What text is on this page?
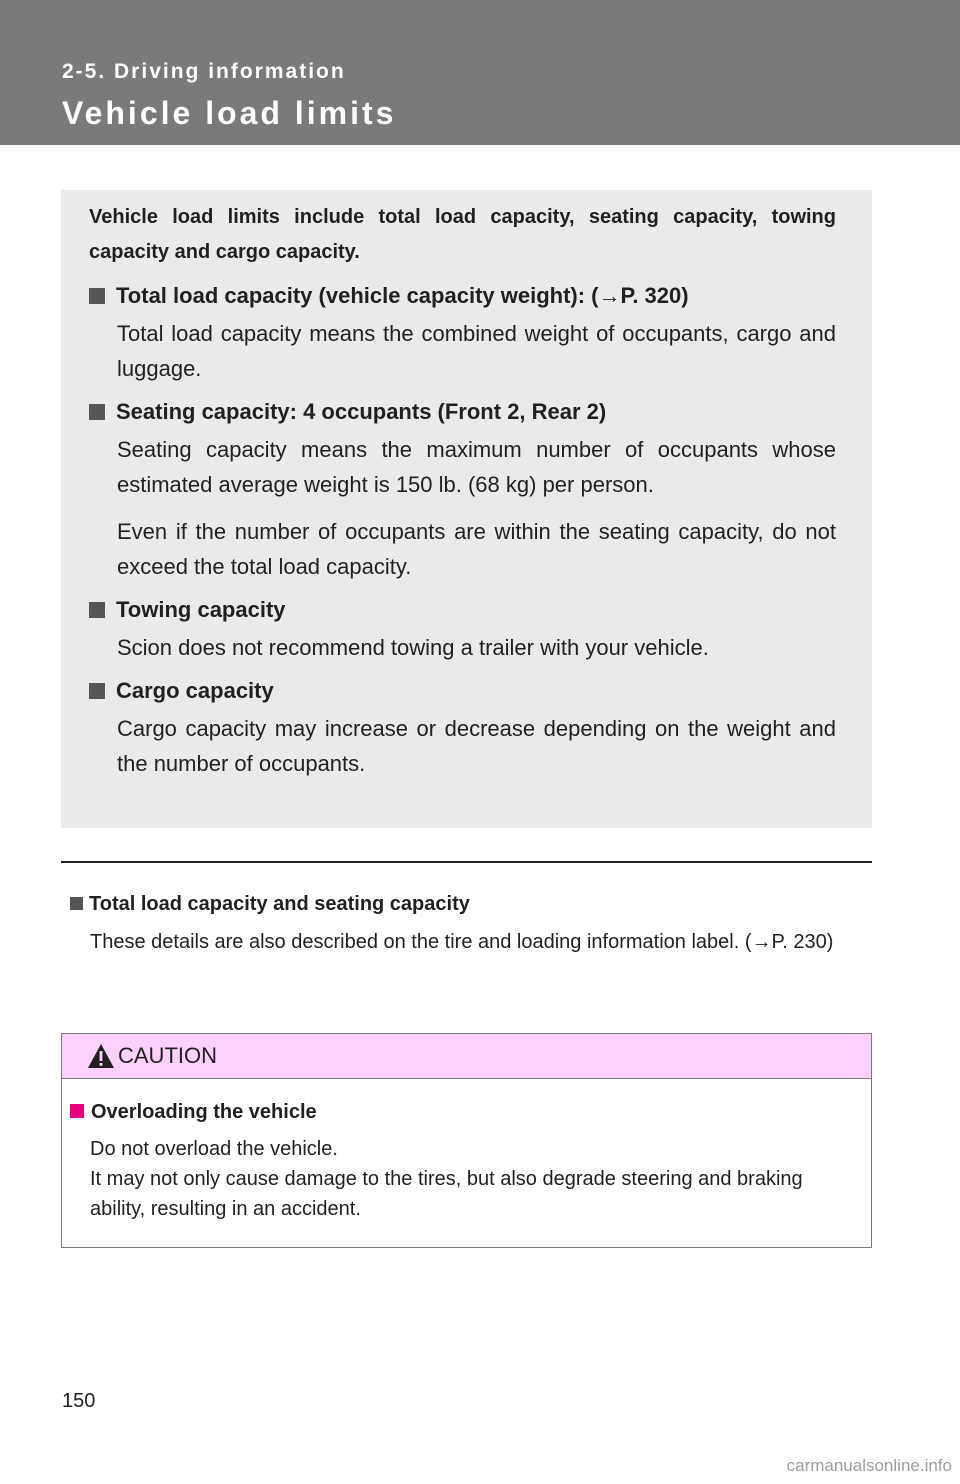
2-5. Driving information
Vehicle load limits
Vehicle load limits include total load capacity, seating capacity, towing capacity and cargo capacity.
Total load capacity (vehicle capacity weight): (→P. 320)
Total load capacity means the combined weight of occupants, cargo and luggage.
Seating capacity: 4 occupants (Front 2, Rear 2)
Seating capacity means the maximum number of occupants whose estimated average weight is 150 lb. (68 kg) per person.
Even if the number of occupants are within the seating capacity, do not exceed the total load capacity.
Towing capacity
Scion does not recommend towing a trailer with your vehicle.
Cargo capacity
Cargo capacity may increase or decrease depending on the weight and the number of occupants.
Total load capacity and seating capacity
These details are also described on the tire and loading information label. (→P. 230)
CAUTION
Overloading the vehicle
Do not overload the vehicle.
It may not only cause damage to the tires, but also degrade steering and braking ability, resulting in an accident.
150
carmanualsonline.info
